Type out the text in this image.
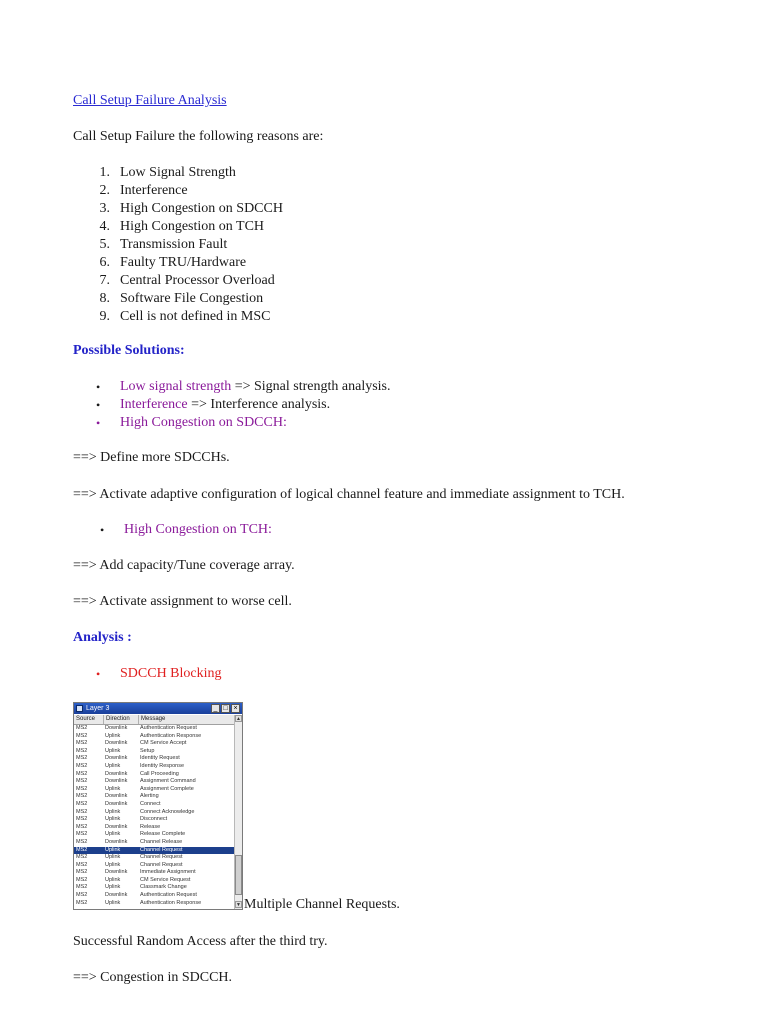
Call Setup Failure Analysis
Call Setup Failure the following reasons are:
1. Low Signal Strength
2. Interference
3. High Congestion on SDCCH
4. High Congestion on TCH
5. Transmission Fault
6. Faulty TRU/Hardware
7. Central Processor Overload
8. Software File Congestion
9. Cell is not defined in MSC
Possible Solutions:
• Low signal strength => Signal strength analysis.
• Interference => Interference analysis.
• High Congestion on SDCCH:
==> Define more SDCCHs.
==> Activate adaptive configuration of logical channel feature and immediate assignment to TCH.
• High Congestion on TCH:
==> Add capacity/Tune coverage array.
==> Activate assignment to worse cell.
Analysis :
• SDCCH Blocking
Layer 3	_ □ ×
Source	Direction	Message
MS2	Downlink Authentication Request
MS2	Uplink	Authentication Response
MS2	Downlink CM Service Accept
MS2	Uplink	Setup
MS2	Downlink Identity Request
MS2	Uplink	Identity Response
MS2	Downlink Call Proceeding
MS2	Downlink Assignment Command
MS2	Uplink	Assignment Complete
MS2	Downlink Alerting
MS2	Downlink Connect
MS2	Uplink	Connect Acknowledge
MS2	Uplink	Disconnect
MS2	Downlink Release
MS2	Uplink	Release Complete
MS2	Downlink Channel Release
MS2	Uplink	Channel Request
MS2	Uplink	Channel Request
MS2	Uplink	Channel Request
MS2	Downlink Immediate Assignment
MS2	Uplink	CM Service Request
MS2	Uplink	Classmark Change
MS2	Downlink Authentication Request
MS2	Uplink	Authentication Response
▲
▼ Multiple Channel Requests.
Successful Random Access after the third try.
==> Congestion in SDCCH.
